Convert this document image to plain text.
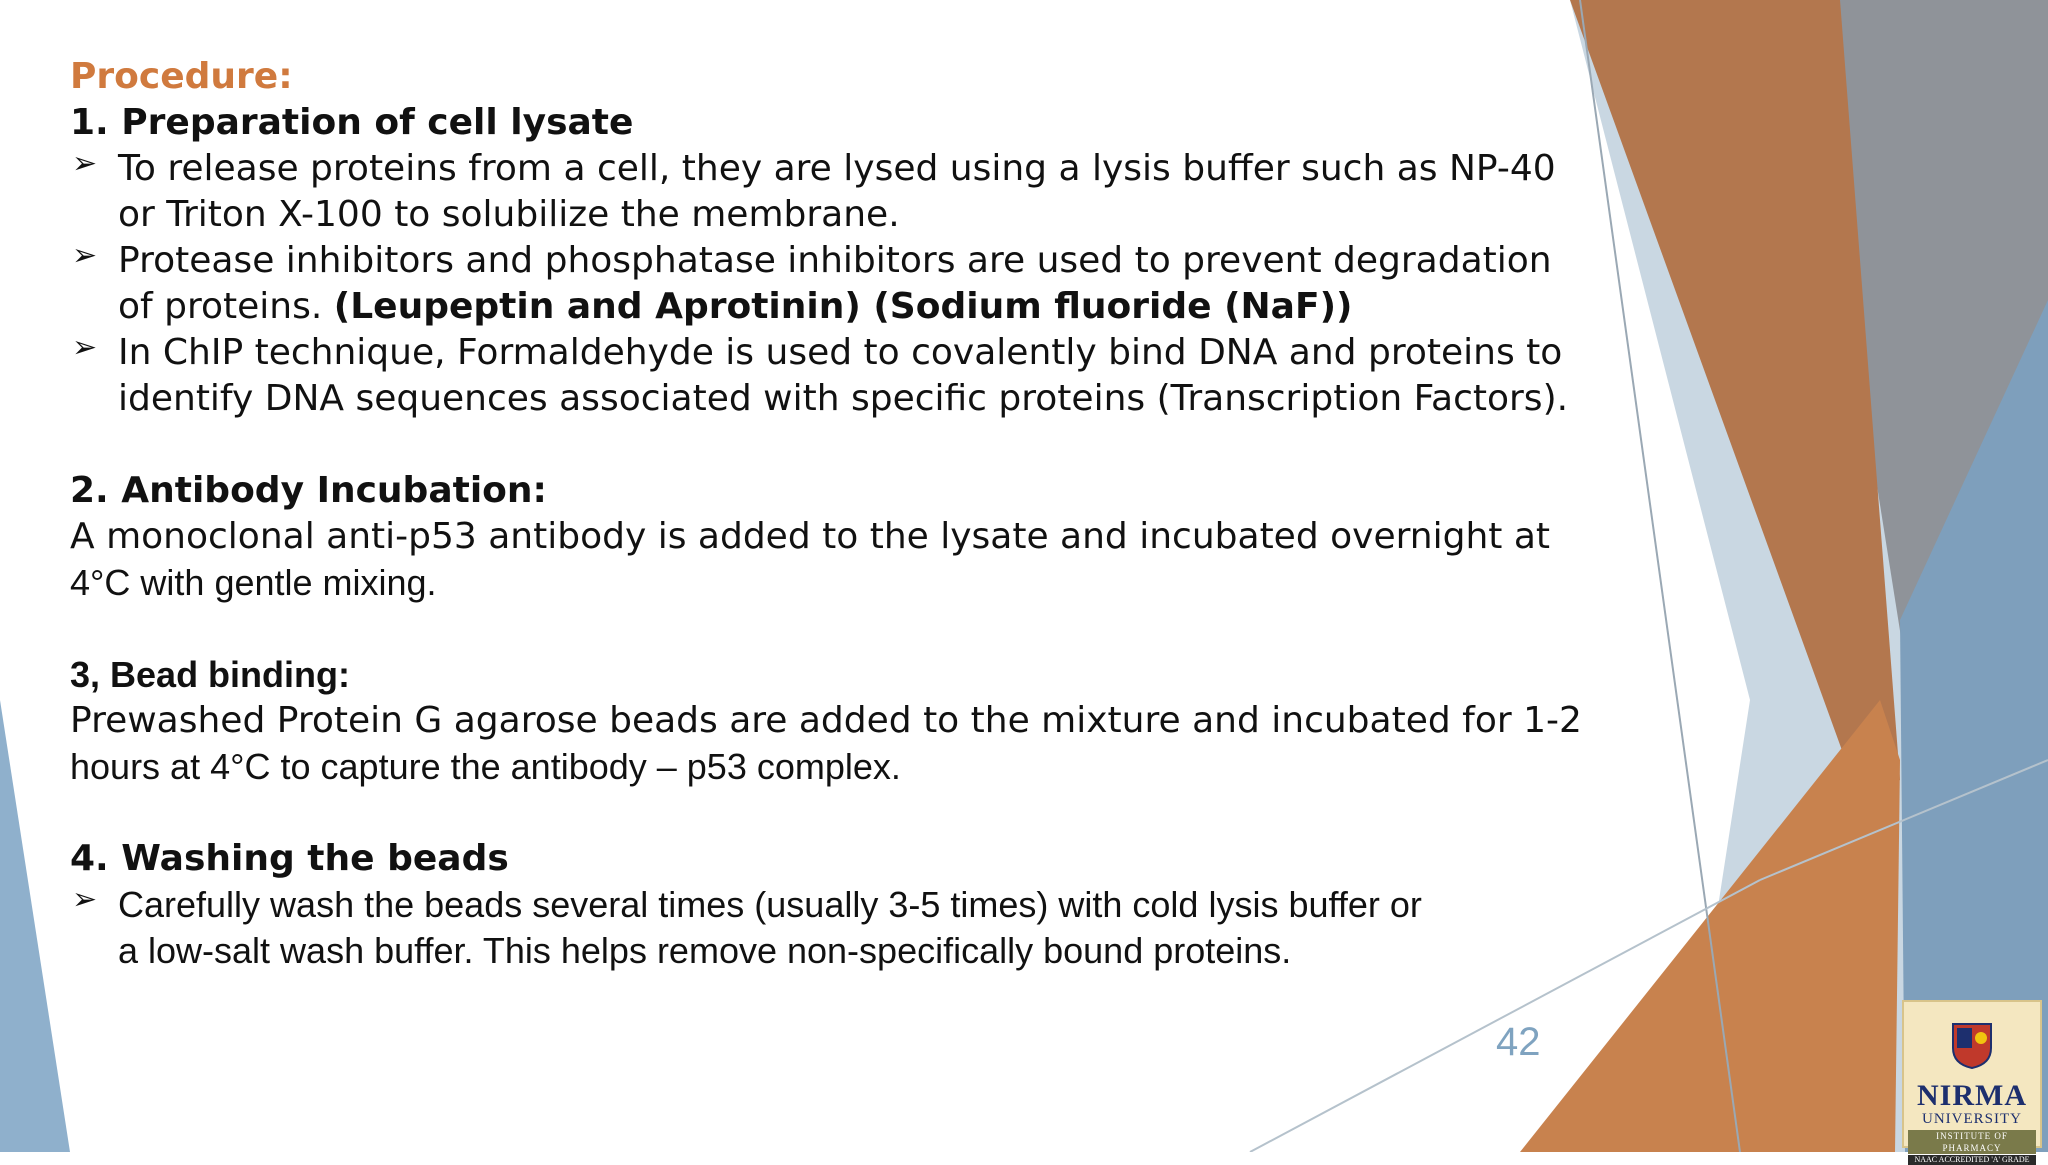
Procedure:
1. Preparation of cell lysate
➢ To release proteins from a cell, they are lysed using a lysis buffer such as NP-40
or Triton X-100 to solubilize the membrane.
➢ Protease inhibitors and phosphatase inhibitors are used to prevent degradation
of proteins. (Leupeptin and Aprotinin) (Sodium fluoride (NaF))
➢ In ChIP technique, Formaldehyde is used to covalently bind DNA and proteins to
identify DNA sequences associated with specific proteins (Transcription Factors).
2. Antibody Incubation:
A monoclonal anti-p53 antibody is added to the lysate and incubated overnight at
4°C with gentle mixing.
3, Bead binding:
Prewashed Protein G agarose beads are added to the mixture and incubated for 1-2
hours at 4°C to capture the antibody – p53 complex.
4. Washing the beads
➢ Carefully wash the beads several times (usually 3-5 times) with cold lysis buffer or
a low-salt wash buffer. This helps remove non-specifically bound proteins.
42
NIRMA
UNIVERSITY
INSTITUTE OF PHARMACY
NAAC ACCREDITED 'A' GRADE
